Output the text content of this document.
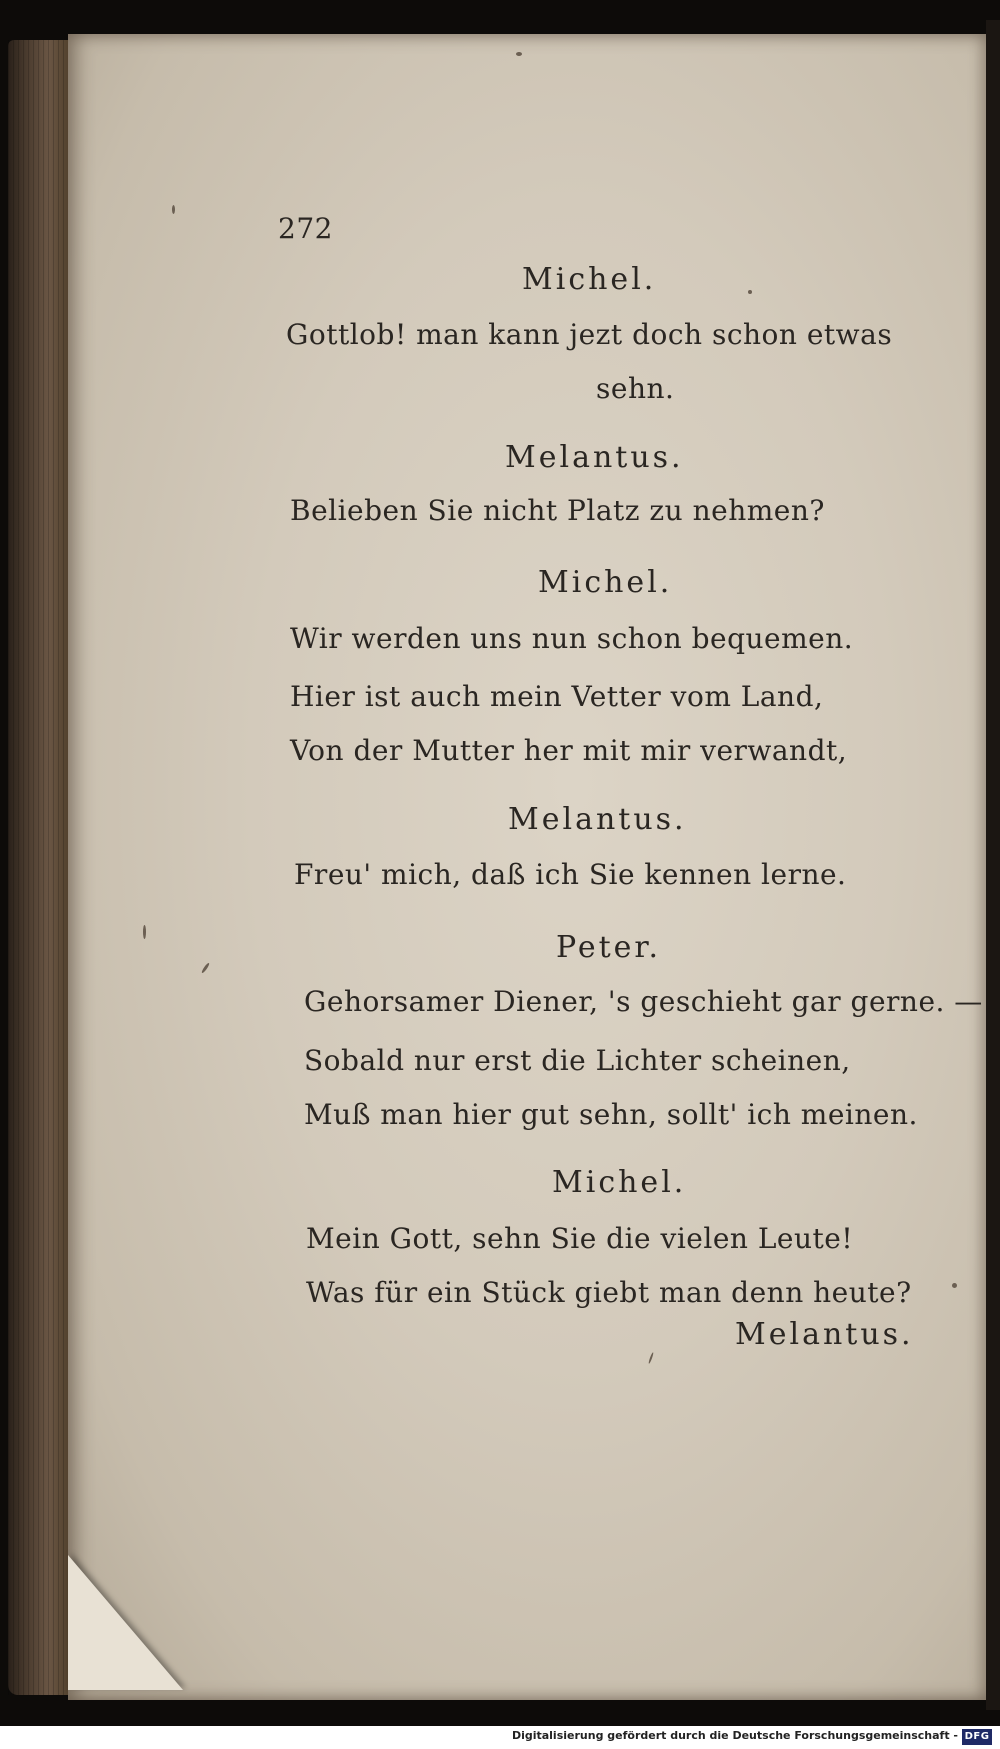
272
Michel.
Gottlob! man kann jezt doch schon etwas
sehn.
Melantus.
Belieben Sie nicht Platz zu nehmen?
Michel.
Wir werden uns nun schon bequemen.
Hier ist auch mein Vetter vom Land,
Von der Mutter her mit mir verwandt,
Melantus.
Freu' mich, daß ich Sie kennen lerne.
Peter.
Gehorsamer Diener, 's geschieht gar gerne. —
Sobald nur erst die Lichter scheinen,
Muß man hier gut sehn, sollt' ich meinen.
Michel.
Mein Gott, sehn Sie die vielen Leute!
Was für ein Stück giebt man denn heute?
Melantus.
Digitalisierung gefördert durch die Deutsche Forschungsgemeinschaft - DFG
